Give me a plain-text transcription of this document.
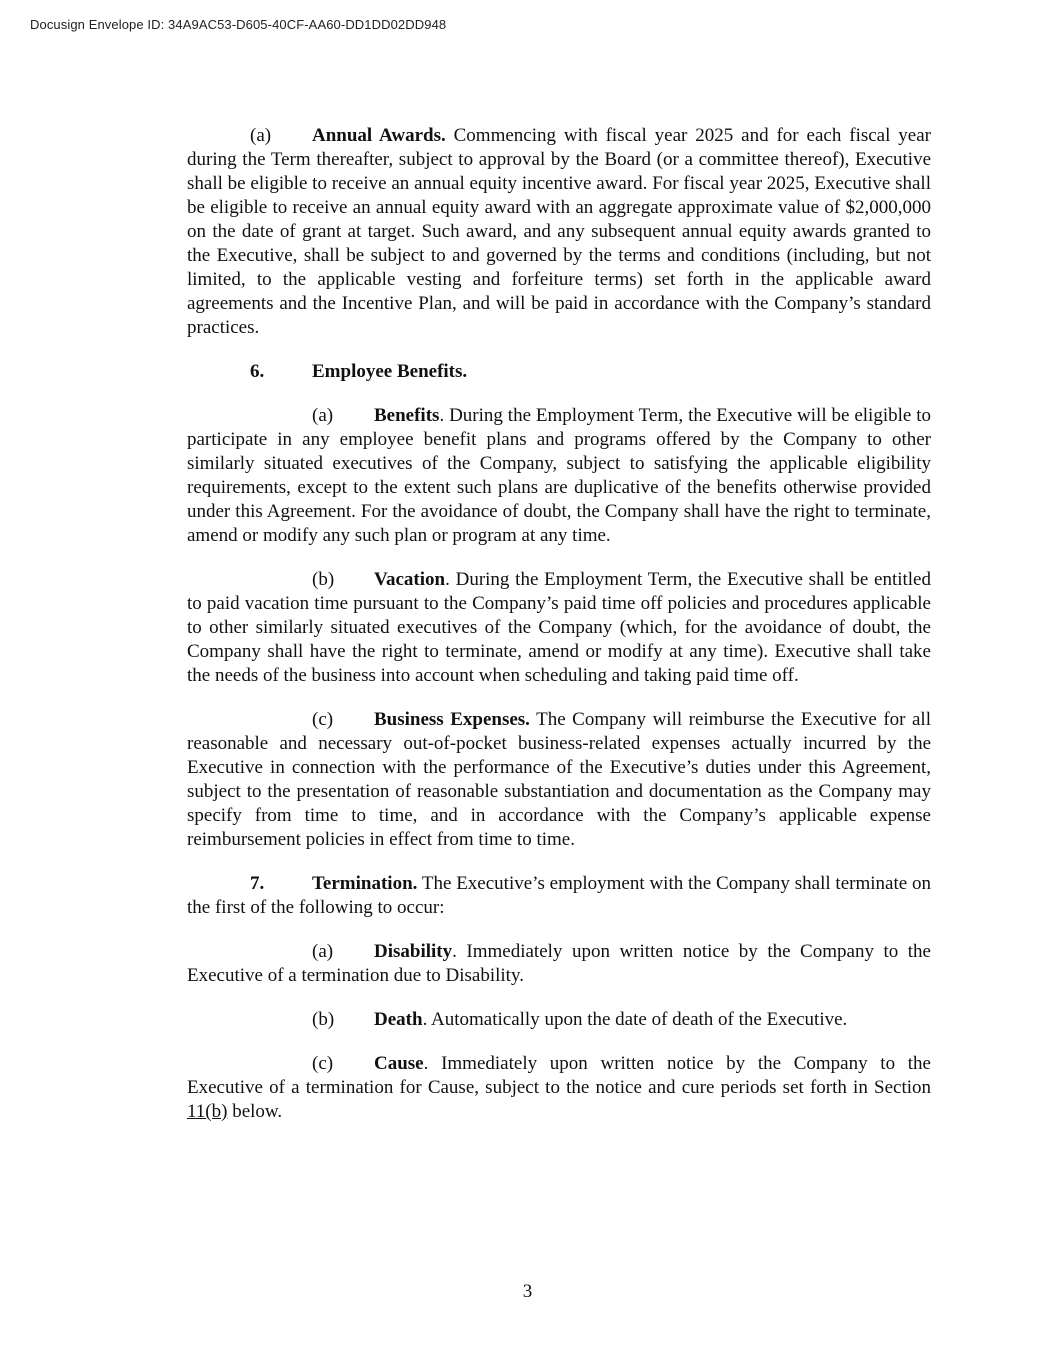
Docusign Envelope ID: 34A9AC53-D605-40CF-AA60-DD1DD02DD948

(a) Annual Awards. Commencing with fiscal year 2025 and for each fiscal year during the Term thereafter, subject to approval by the Board (or a committee thereof), Executive shall be eligible to receive an annual equity incentive award. For fiscal year 2025, Executive shall be eligible to receive an annual equity award with an aggregate approximate value of $2,000,000 on the date of grant at target. Such award, and any subsequent annual equity awards granted to the Executive, shall be subject to and governed by the terms and conditions (including, but not limited, to the applicable vesting and forfeiture terms) set forth in the applicable award agreements and the Incentive Plan, and will be paid in accordance with the Company’s standard practices.

6.	Employee Benefits.

(a) Benefits. During the Employment Term, the Executive will be eligible to participate in any employee benefit plans and programs offered by the Company to other similarly situated executives of the Company, subject to satisfying the applicable eligibility requirements, except to the extent such plans are duplicative of the benefits otherwise provided under this Agreement. For the avoidance of doubt, the Company shall have the right to terminate, amend or modify any such plan or program at any time.

(b) Vacation. During the Employment Term, the Executive shall be entitled to paid vacation time pursuant to the Company’s paid time off policies and procedures applicable to other similarly situated executives of the Company (which, for the avoidance of doubt, the Company shall have the right to terminate, amend or modify at any time). Executive shall take the needs of the business into account when scheduling and taking paid time off.

(c) Business Expenses. The Company will reimburse the Executive for all reasonable and necessary out-of-pocket business-related expenses actually incurred by the Executive in connection with the performance of the Executive’s duties under this Agreement, subject to the presentation of reasonable substantiation and documentation as the Company may specify from time to time, and in accordance with the Company’s applicable expense reimbursement policies in effect from time to time.

7.	Termination. The Executive’s employment with the Company shall terminate on the first of the following to occur:

(a) Disability. Immediately upon written notice by the Company to the Executive of a termination due to Disability.

(b) Death. Automatically upon the date of death of the Executive.

(c) Cause. Immediately upon written notice by the Company to the Executive of a termination for Cause, subject to the notice and cure periods set forth in Section 11(b) below.

3
